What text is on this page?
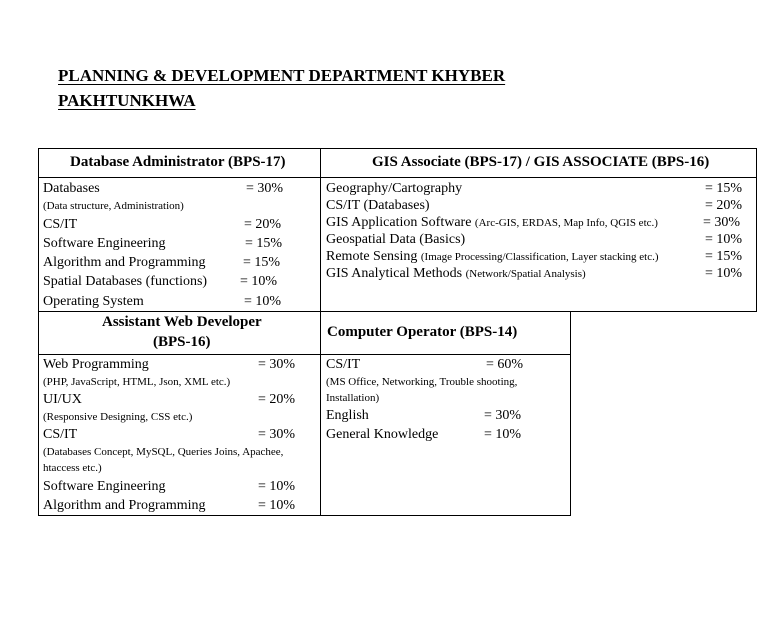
PLANNING & DEVELOPMENT DEPARTMENT KHYBER
PAKHTUNKHWA
Database Administrator (BPS-17)
Databases	= 30%
(Data structure, Administration)
CS/IT	= 20%
Software Engineering	= 15%
Algorithm and Programming	= 15%
Spatial Databases (functions) = 10%
Operating System	= 10%
GIS Associate (BPS-17) / GIS ASSOCIATE (BPS-16)
Geography/Cartography	= 15%
CS/IT (Databases)	= 20%
GIS Application Software (Arc-GIS, ERDAS, Map Info, QGIS etc.)	= 30%
Geospatial Data (Basics)	= 10%
Remote Sensing (Image Processing/Classification, Layer stacking etc.)	= 15%
GIS Analytical Methods (Network/Spatial Analysis)	= 10%
Assistant Web Developer
(BPS-16)
Web Programming	= 30%
(PHP, JavaScript, HTML, Json, XML etc.)
UI/UX	= 20%
(Responsive Designing, CSS etc.)
CS/IT	= 30%
(Databases Concept, MySQL, Queries Joins, Apachee, htaccess etc.)
Software Engineering	= 10%
Algorithm and Programming	= 10%
Computer Operator (BPS-14)
CS/IT	= 60%
(MS Office, Networking, Trouble shooting, Installation)
English	= 30%
General Knowledge	= 10%
